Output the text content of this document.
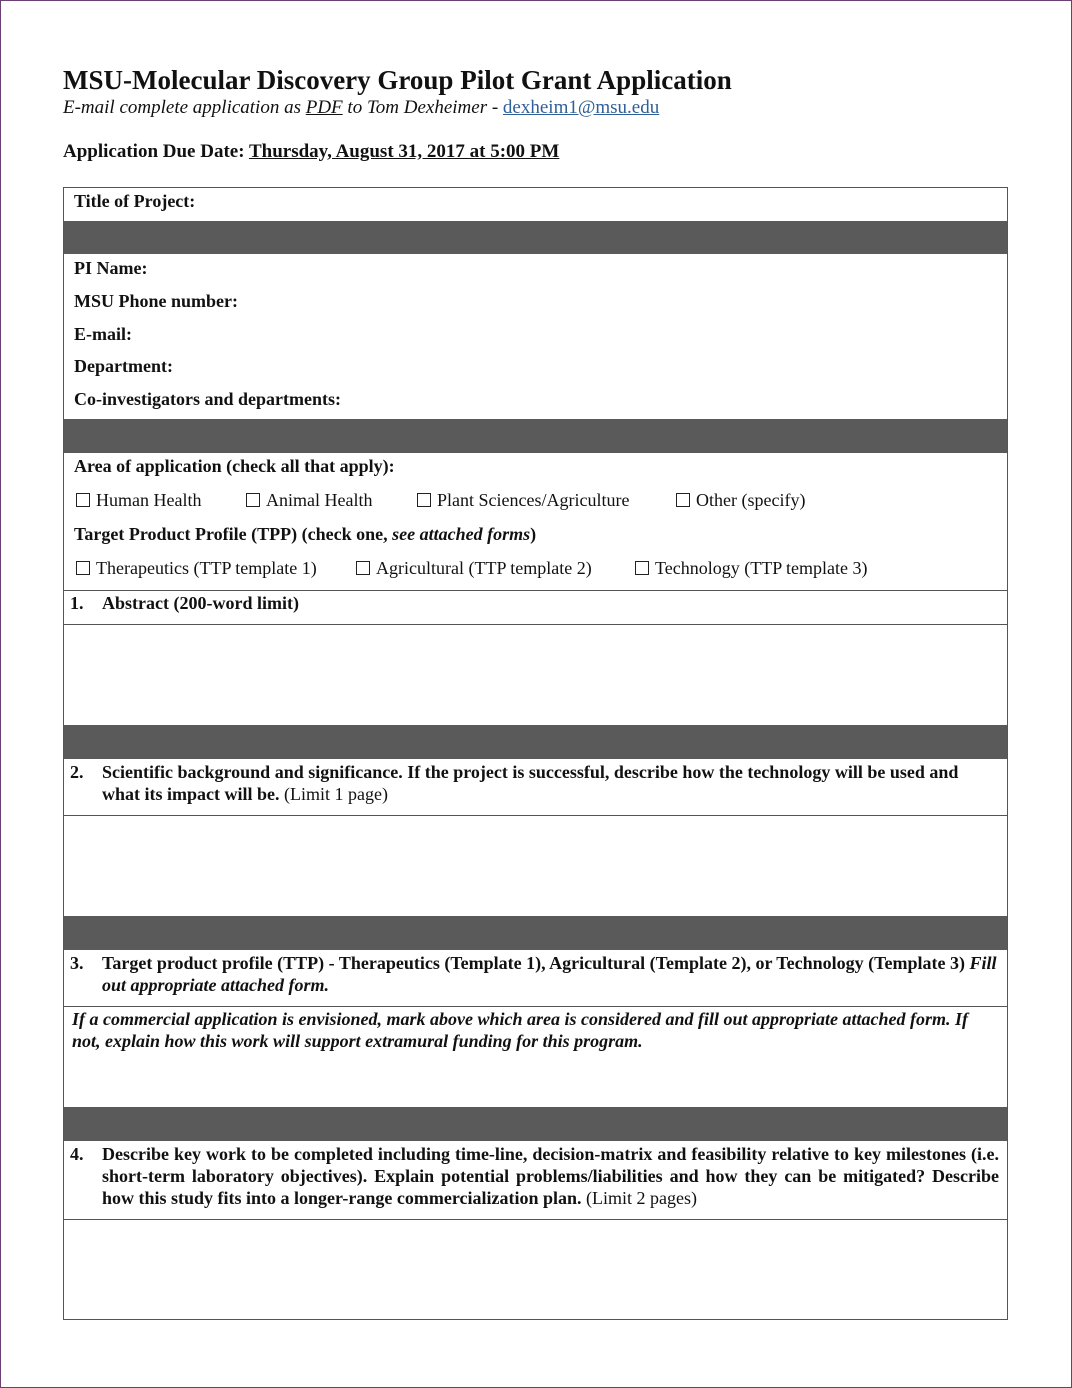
MSU-Molecular Discovery Group Pilot Grant Application
E-mail complete application as PDF to Tom Dexheimer - dexheim1@msu.edu
Application Due Date: Thursday, August 31, 2017 at 5:00 PM
Title of Project:
PI Name:
MSU Phone number:
E-mail:
Department:
Co-investigators and departments:
Area of application (check all that apply):
Human Health	Animal Health	Plant Sciences/Agriculture	Other (specify)
Target Product Profile (TPP) (check one, see attached forms)
Therapeutics (TTP template 1)	Agricultural (TTP template 2)	Technology (TTP template 3)
1. Abstract (200-word limit)
2. Scientific background and significance. If the project is successful, describe how the technology will be used and what its impact will be. (Limit 1 page)
3. Target product profile (TTP) - Therapeutics (Template 1), Agricultural (Template 2), or Technology (Template 3) Fill out appropriate attached form.
If a commercial application is envisioned, mark above which area is considered and fill out appropriate attached form. If not, explain how this work will support extramural funding for this program.
4. Describe key work to be completed including time-line, decision-matrix and feasibility relative to key milestones (i.e. short-term laboratory objectives). Explain potential problems/liabilities and how they can be mitigated? Describe how this study fits into a longer-range commercialization plan. (Limit 2 pages)
